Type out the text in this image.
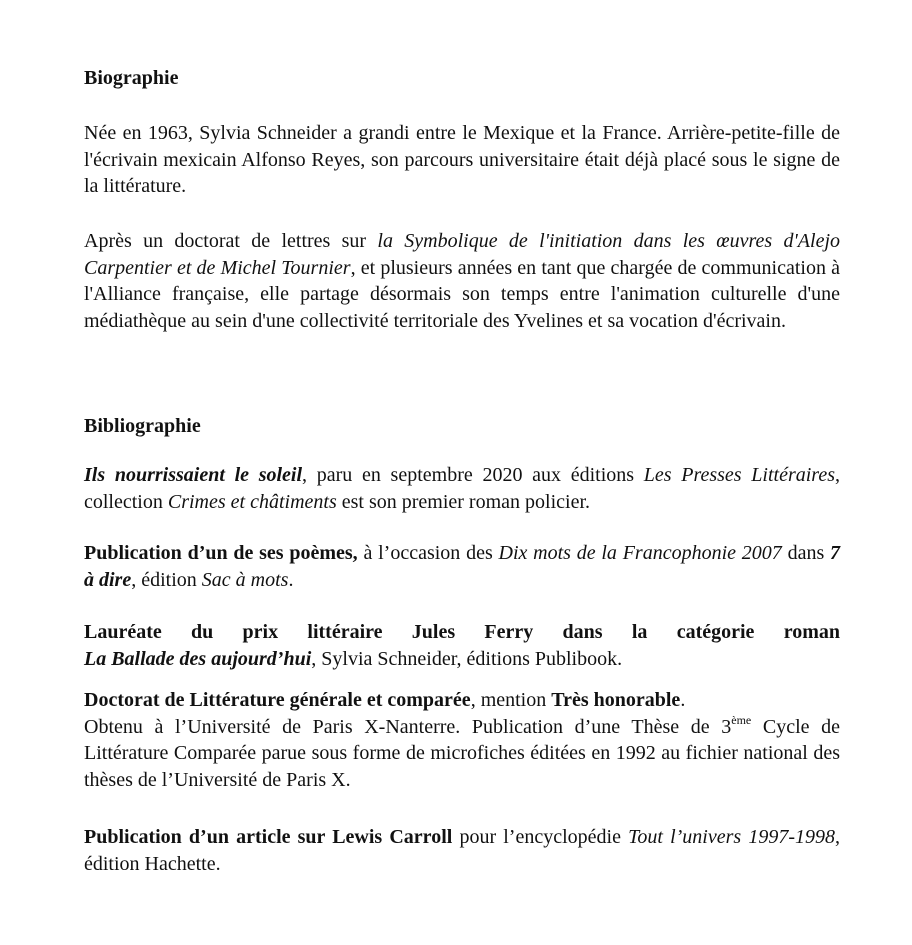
Biographie

Née en 1963, Sylvia Schneider a grandi entre le Mexique et la France. Arrière-petite-fille de l'écrivain mexicain Alfonso Reyes, son parcours universitaire était déjà placé sous le signe de la littérature.

Après un doctorat de lettres sur la Symbolique de l'initiation dans les œuvres d'Alejo Carpentier et de Michel Tournier, et plusieurs années en tant que chargée de communication à l'Alliance française, elle partage désormais son temps entre l'animation culturelle d'une médiathèque au sein d'une collectivité territoriale des Yvelines et sa vocation d'écrivain.

Bibliographie

Ils nourrissaient le soleil, paru en septembre 2020 aux éditions Les Presses Littéraires, collection Crimes et châtiments est son premier roman policier.

Publication d’un de ses poèmes, à l’occasion des Dix mots de la Francophonie 2007 dans 7 à dire, édition Sac à mots.

Lauréate du prix littéraire Jules Ferry dans la catégorie roman
La Ballade des aujourd’hui, Sylvia Schneider, éditions Publibook.
Doctorat de Littérature générale et comparée, mention Très honorable.
Obtenu à l’Université de Paris X-Nanterre. Publication d’une Thèse de 3ème Cycle de Littérature Comparée parue sous forme de microfiches éditées en 1992 au fichier national des thèses de l’Université de Paris X.

Publication d’un article sur Lewis Carroll pour l’encyclopédie Tout l’univers 1997-1998, édition Hachette.
